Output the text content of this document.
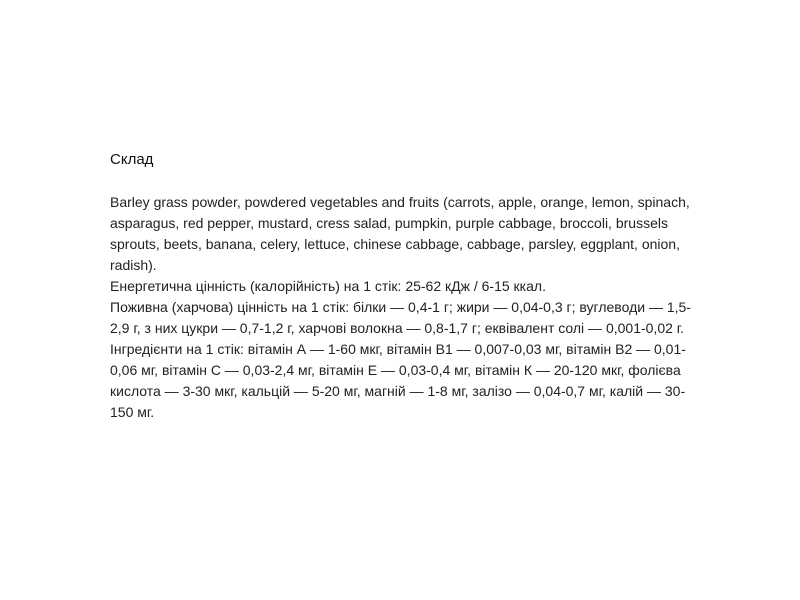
Склад

Barley grass powder, powdered vegetables and fruits (carrots, apple, orange, lemon, spinach, asparagus, red pepper, mustard, cress salad, pumpkin, purple cabbage, broccoli, brussels sprouts, beets, banana, celery, lettuce, chinese cabbage, cabbage, parsley, eggplant, onion, radish).

Енергетична цінність (калорійність) на 1 стік: 25-62 кДж / 6-15 ккал.

Поживна (харчова) цінність на 1 стік: білки — 0,4-1 г; жири — 0,04-0,3 г; вуглеводи — 1,5-2,9 г, з них цукри — 0,7-1,2 г, харчові волокна — 0,8-1,7 г; еквівалент солі — 0,001-0,02 г.

Інгредієнти на 1 стік: вітамін А — 1-60 мкг, вітамін В1 — 0,007-0,03 мг, вітамін В2 — 0,01-0,06 мг, вітамін С — 0,03-2,4 мг, вітамін Е — 0,03-0,4 мг, вітамін К — 20-120 мкг, фолієва кислота — 3-30 мкг, кальцій — 5-20 мг, магній — 1-8 мг, залізо — 0,04-0,7 мг, калій — 30-150 мг.
